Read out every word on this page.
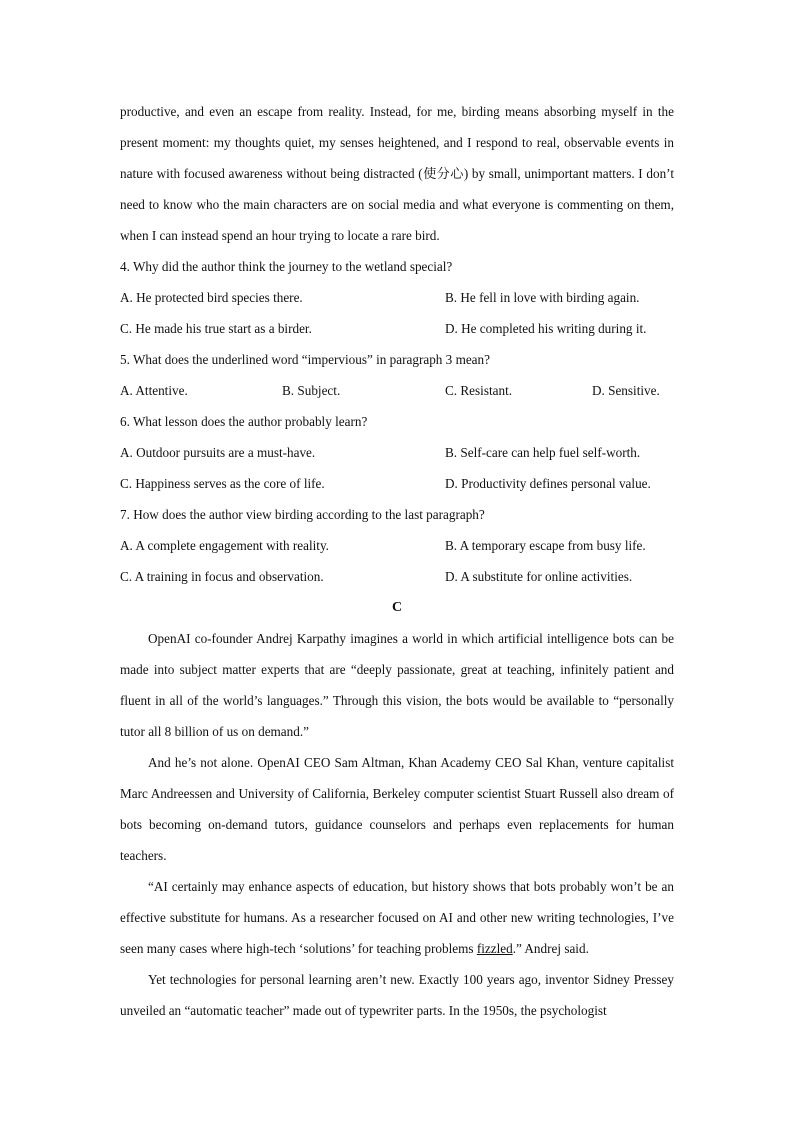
productive, and even an escape from reality. Instead, for me, birding means absorbing myself in the present moment: my thoughts quiet, my senses heightened, and I respond to real, observable events in nature with focused awareness without being distracted (使分心) by small, unimportant matters. I don’t need to know who the main characters are on social media and what everyone is commenting on them, when I can instead spend an hour trying to locate a rare bird.

4. Why did the author think the journey to the wetland special?

A. He protected bird species there.	B. He fell in love with birding again.
C. He made his true start as a birder.	D. He completed his writing during it.

5. What does the underlined word “impervious” in paragraph 3 mean?

A. Attentive.	B. Subject.	C. Resistant.	D. Sensitive.

6. What lesson does the author probably learn?

A. Outdoor pursuits are a must-have.	B. Self-care can help fuel self-worth.
C. Happiness serves as the core of life.	D. Productivity defines personal value.

7. How does the author view birding according to the last paragraph?

A. A complete engagement with reality.	B. A temporary escape from busy life.
C. A training in focus and observation.	D. A substitute for online activities.

C

OpenAI co-founder Andrej Karpathy imagines a world in which artificial intelligence bots can be made into subject matter experts that are “deeply passionate, great at teaching, infinitely patient and fluent in all of the world’s languages.” Through this vision, the bots would be available to “personally tutor all 8 billion of us on demand.”

And he’s not alone. OpenAI CEO Sam Altman, Khan Academy CEO Sal Khan, venture capitalist Marc Andreessen and University of California, Berkeley computer scientist Stuart Russell also dream of bots becoming on-demand tutors, guidance counselors and perhaps even replacements for human teachers.

“AI certainly may enhance aspects of education, but history shows that bots probably won’t be an effective substitute for humans. As a researcher focused on AI and other new writing technologies, I’ve seen many cases where high-tech ‘solutions’ for teaching problems fizzled.” Andrej said.

Yet technologies for personal learning aren’t new. Exactly 100 years ago, inventor Sidney Pressey unveiled an “automatic teacher” made out of typewriter parts. In the 1950s, the psychologist
